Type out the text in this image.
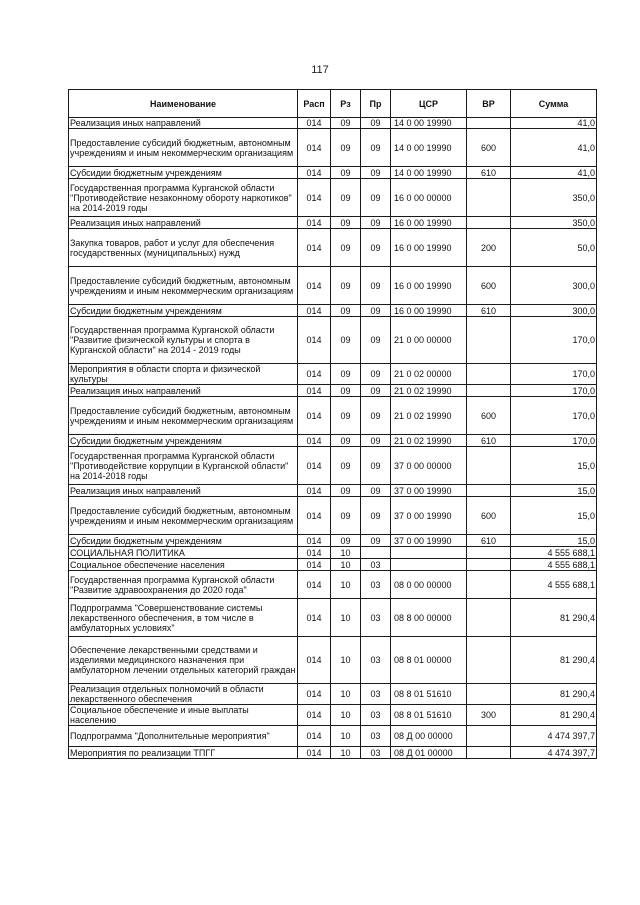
117
Наименование	Расп	Рз	Пр	ЦСР	ВР	Сумма
Реализация иных направлений	014	09	09	14 0 00 19990		41,0
Предоставление субсидий бюджетным, автономным учреждениям и иным некоммерческим организациям	014	09	09	14 0 00 19990	600	41,0
Субсидии бюджетным учреждениям	014	09	09	14 0 00 19990	610	41,0
Государственная программа Курганской области "Противодействие незаконному обороту наркотиков" на 2014-2019 годы	014	09	09	16 0 00 00000		350,0
Реализация иных направлений	014	09	09	16 0 00 19990		350,0
Закупка товаров, работ и услуг для обеспечения государственных (муниципальных) нужд	014	09	09	16 0 00 19990	200	50,0
Предоставление субсидий бюджетным, автономным учреждениям и иным некоммерческим организациям	014	09	09	16 0 00 19990	600	300,0
Субсидии бюджетным учреждениям	014	09	09	16 0 00 19990	610	300,0
Государственная программа Курганской области "Развитие физической культуры и спорта в Курганской области" на 2014 - 2019 годы	014	09	09	21 0 00 00000		170,0
Мероприятия в области спорта и физической культуры	014	09	09	21 0 02 00000		170,0
Реализация иных направлений	014	09	09	21 0 02 19990		170,0
Предоставление субсидий бюджетным, автономным учреждениям и иным некоммерческим организациям	014	09	09	21 0 02 19990	600	170,0
Субсидии бюджетным учреждениям	014	09	09	21 0 02 19990	610	170,0
Государственная программа Курганской области "Противодействие коррупции в Курганской области" на 2014-2018 годы	014	09	09	37 0 00 00000		15,0
Реализация иных направлений	014	09	09	37 0 00 19990		15,0
Предоставление субсидий бюджетным, автономным учреждениям и иным некоммерческим организациям	014	09	09	37 0 00 19990	600	15,0
Субсидии бюджетным учреждениям	014	09	09	37 0 00 19990	610	15,0
СОЦИАЛЬНАЯ ПОЛИТИКА	014	10				4 555 688,1
Социальное обеспечение населения	014	10	03			4 555 688,1
Государственная программа Курганской области "Развитие здравоохранения до 2020 года"	014	10	03	08 0 00 00000		4 555 688,1
Подпрограмма "Совершенствование системы лекарственного обеспечения, в том числе в амбулаторных условиях"	014	10	03	08 8 00 00000		81 290,4
Обеспечение лекарственными средствами и изделиями медицинского назначения при амбулаторном лечении отдельных категорий граждан	014	10	03	08 8 01 00000		81 290,4
Реализация отдельных полномочий в области лекарственного обеспечения	014	10	03	08 8 01 51610		81 290,4
Социальное обеспечение и иные выплаты населению	014	10	03	08 8 01 51610	300	81 290,4
Подпрограмма "Дополнительные мероприятия"	014	10	03	08 Д 00 00000		4 474 397,7
Мероприятия по реализации ТПГГ	014	10	03	08 Д 01 00000		4 474 397,7
